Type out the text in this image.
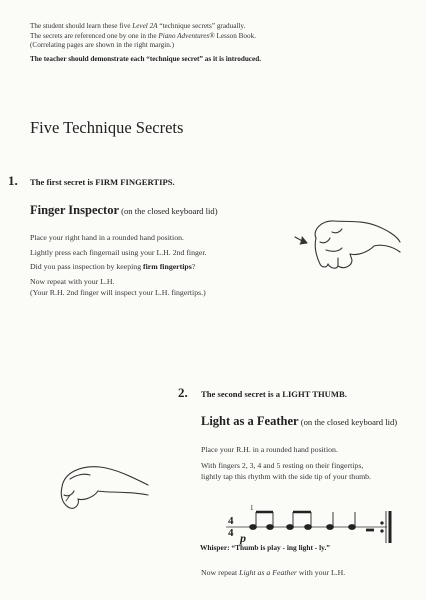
The student should learn these five Level 2A “technique secrets” gradually.

The secrets are referenced one by one in the Piano Adventures® Lesson Book.

(Correlating pages are shown in the right margin.)

The teacher should demonstrate each “technique secret” as it is introduced.

Five Technique Secrets
1. The first secret is FIRM FINGERTIPS.
Finger Inspector (on the closed keyboard lid)

Place your right hand in a rounded hand position.

Lightly press each fingernail using your L.H. 2nd finger.

Did you pass inspection by keeping firm fingertips?

Now repeat with your L.H.

(Your R.H. 2nd finger will inspect your L.H. fingertips.)

2. The second secret is a LIGHT THUMB.
Light as a Feather (on the closed keyboard lid)

Place your R.H. in a rounded hand position.

With fingers 2, 3, 4 and 5 resting on their fingertips,

lightly tap this rhythm with the side tip of your thumb.

4
4 p
1
Whisper: “Thumb is play - ing light - ly.”

Now repeat Light as a Feather with your L.H.
